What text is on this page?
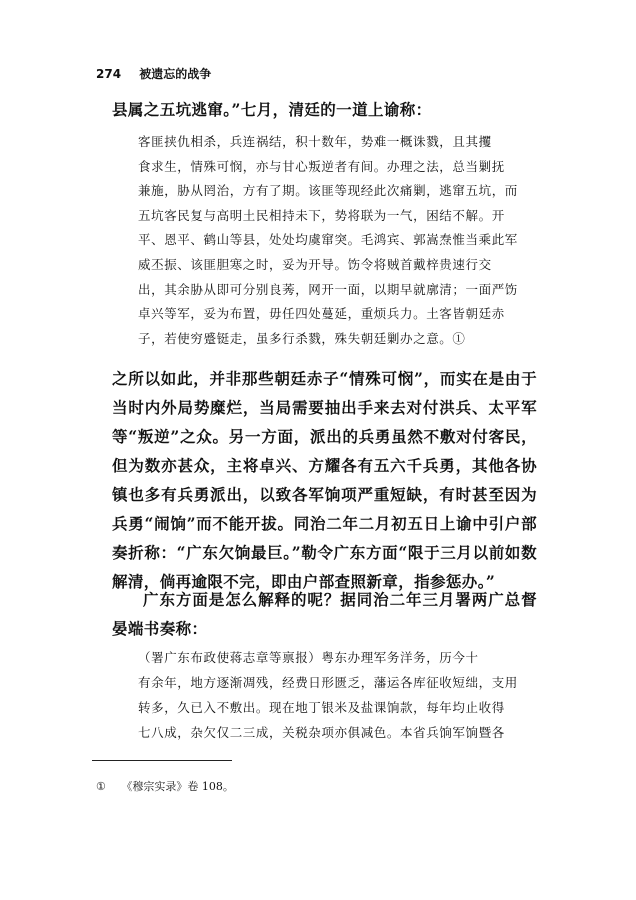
274 被遗忘的战争

县属之五坑逃窜。”七月，清廷的一道上谕称：

客匪挟仇相杀，兵连祸结，积十数年，势难一概诛戮，且其攫
食求生，情殊可悯，亦与甘心叛逆者有间。办理之法，总当剿抚
兼施，胁从罔治，方有了期。该匪等现经此次痛剿，逃窜五坑，而
五坑客民复与高明土民相持未下，势将联为一气，困结不解。开
平、恩平、鹤山等县，处处均虞窜突。毛鸿宾、郭嵩焘惟当乘此军
威丕振、该匪胆寒之时，妥为开导。饬令将贼首戴梓贵速行交
出，其余胁从即可分别良莠，网开一面，以期早就廓清；一面严饬
卓兴等军，妥为布置，毋任四处蔓延，重烦兵力。土客皆朝廷赤
子，若使穷蹙铤走，虽多行杀戮，殊失朝廷剿办之意。①

之所以如此，并非那些朝廷赤子“情殊可悯”，而实在是由于当时内外局势糜烂，当局需要抽出手来去对付洪兵、太平军等“叛逆”之众。另一方面，派出的兵勇虽然不敷对付客民，但为数亦甚众，主将卓兴、方耀各有五六千兵勇，其他各协镇也多有兵勇派出，以致各军饷项严重短缺，有时甚至因为兵勇“闹饷”而不能开拔。同治二年二月初五日上谕中引户部奏折称：“广东欠饷最巨。”勒令广东方面“限于三月以前如数解清，倘再逾限不完，即由户部查照新章，指参惩办。”

广东方面是怎么解释的呢？据同治二年三月署两广总督晏端书奏称：

（署广东布政使蒋志章等禀报）粤东办理军务洋务，历今十
有余年，地方逐渐凋残，经费日形匮乏，藩运各库征收短绌，支用
转多，久已入不敷出。现在地丁银米及盐课饷款，每年均止收得
七八成，杂欠仅二三成，关税杂项亦俱减色。本省兵饷军饷暨各
① 《穆宗实录》卷 108。
